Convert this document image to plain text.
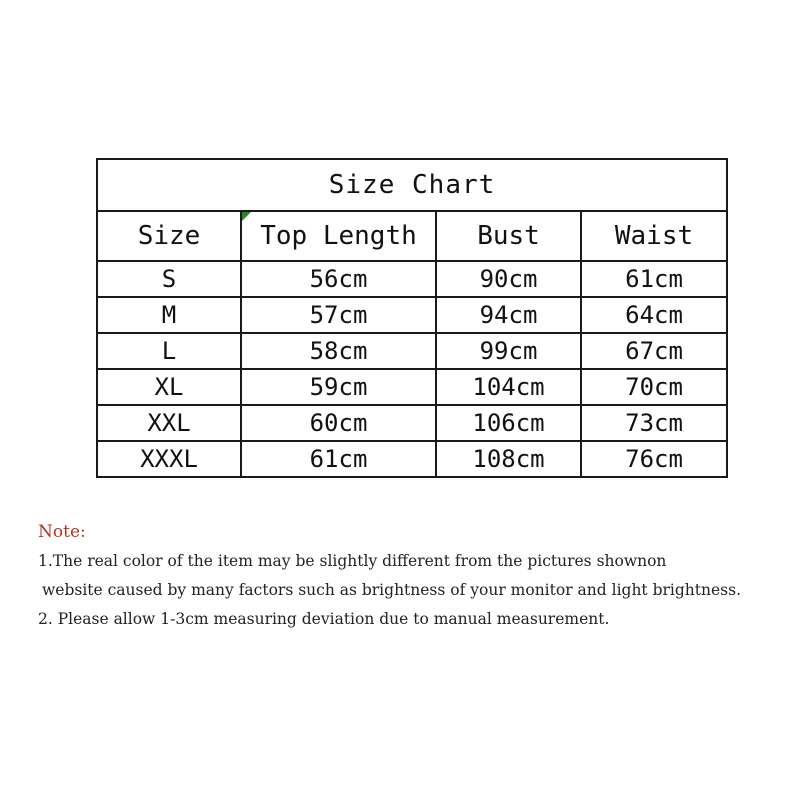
Size Chart			
Size	Top Length	Bust	Waist
S	56cm	90cm	61cm
M	57cm	94cm	64cm
L	58cm	99cm	67cm
XL	59cm	104cm	70cm
XXL	60cm	106cm	73cm
XXXL	61cm	108cm	76cm
Note:
1.The real color of the item may be slightly different from the pictures shownon
website caused by many factors such as brightness of your monitor and light brightness.
2. Please allow 1-3cm measuring deviation due to manual measurement.
